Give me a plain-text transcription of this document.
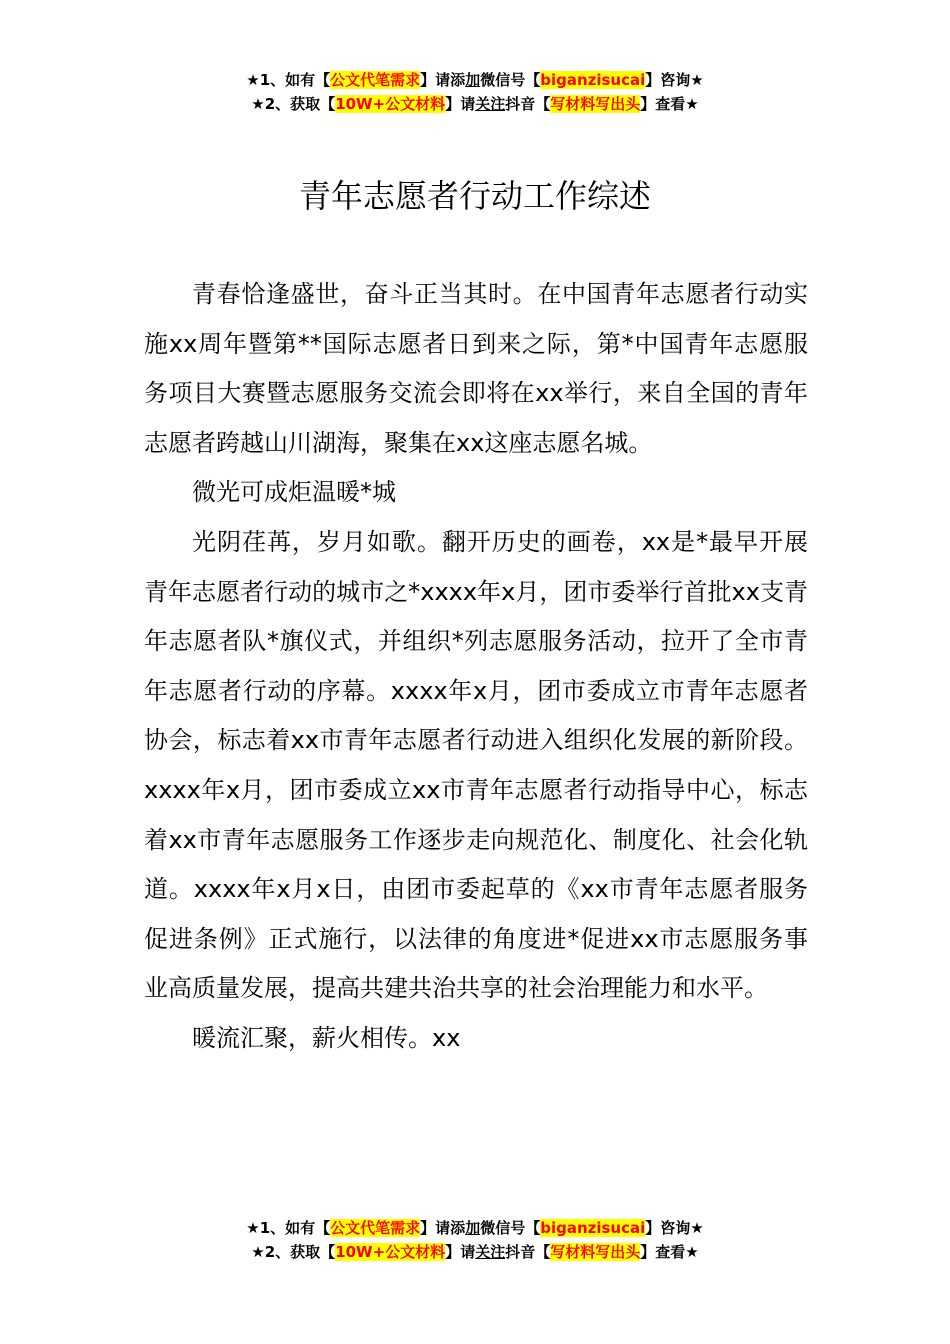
★1、如有【公文代笔需求】请添加微信号【biganzisucai】咨询★
★2、获取【10W+公文材料】请关注抖音【写材料写出头】查看★
青年志愿者行动工作综述

青春恰逢盛世，奋斗正当其时。在中国青年志愿者行动实施xx周年暨第**国际志愿者日到来之际，第*中国青年志愿服务项目大赛暨志愿服务交流会即将在xx举行，来自全国的青年志愿者跨越山川湖海，聚集在xx这座志愿名城。

微光可成炬温暖*城

光阴荏苒，岁月如歌。翻开历史的画卷，xx是*最早开展青年志愿者行动的城市之*xxxx年x月，团市委举行首批xx支青年志愿者队*旗仪式，并组织*列志愿服务活动，拉开了全市青年志愿者行动的序幕。xxxx年x月，团市委成立市青年志愿者协会，标志着xx市青年志愿者行动进入组织化发展的新阶段。xxxx年x月，团市委成立xx市青年志愿者行动指导中心，标志着xx市青年志愿服务工作逐步走向规范化、制度化、社会化轨道。xxxx年x月x日，由团市委起草的《xx市青年志愿者服务促进条例》正式施行，以法律的角度进*促进xx市志愿服务事业高质量发展，提高共建共治共享的社会治理能力和水平。

暖流汇聚，薪火相传。xx

★1、如有【公文代笔需求】请添加微信号【biganzisucai】咨询★
★2、获取【10W+公文材料】请关注抖音【写材料写出头】查看★
